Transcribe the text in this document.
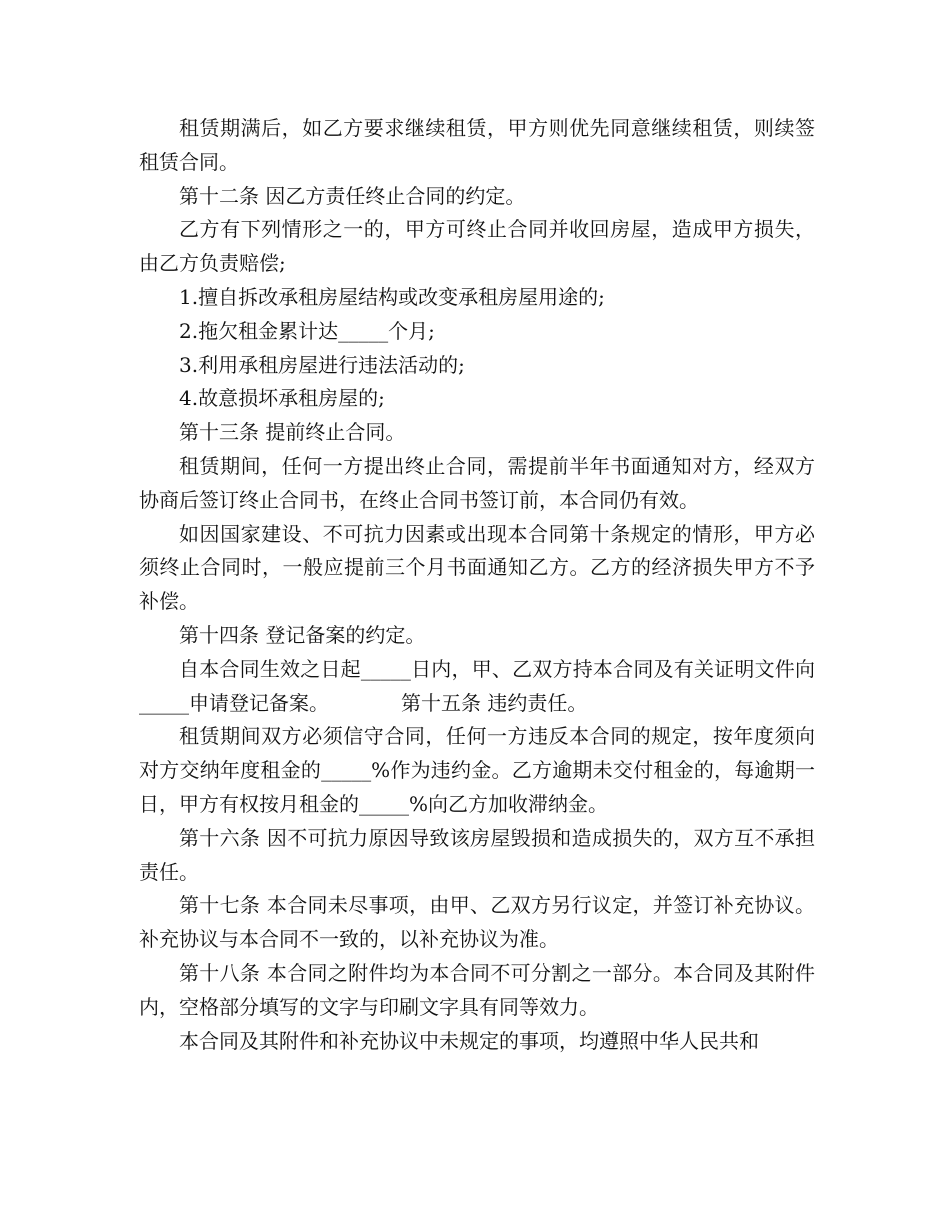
租赁期满后，如乙方要求继续租赁，甲方则优先同意继续租赁，则续签租赁合同。

第十二条 因乙方责任终止合同的约定。

乙方有下列情形之一的，甲方可终止合同并收回房屋，造成甲方损失，由乙方负责赔偿;

1.擅自拆改承租房屋结构或改变承租房屋用途的;

2.拖欠租金累计达_____个月;

3.利用承租房屋进行违法活动的;

4.故意损坏承租房屋的;

第十三条 提前终止合同。

租赁期间，任何一方提出终止合同，需提前半年书面通知对方，经双方协商后签订终止合同书，在终止合同书签订前，本合同仍有效。

如因国家建设、不可抗力因素或出现本合同第十条规定的情形，甲方必须终止合同时，一般应提前三个月书面通知乙方。乙方的经济损失甲方不予补偿。

第十四条 登记备案的约定。

自本合同生效之日起_____日内，甲、乙双方持本合同及有关证明文件向_____申请登记备案。	第十五条 违约责任。

租赁期间双方必须信守合同，任何一方违反本合同的规定，按年度须向对方交纳年度租金的_____%作为违约金。乙方逾期未交付租金的，每逾期一日，甲方有权按月租金的_____%向乙方加收滞纳金。

第十六条 因不可抗力原因导致该房屋毁损和造成损失的，双方互不承担责任。

第十七条 本合同未尽事项，由甲、乙双方另行议定，并签订补充协议。补充协议与本合同不一致的，以补充协议为准。

第十八条 本合同之附件均为本合同不可分割之一部分。本合同及其附件内，空格部分填写的文字与印刷文字具有同等效力。

本合同及其附件和补充协议中未规定的事项，均遵照中华人民共和
